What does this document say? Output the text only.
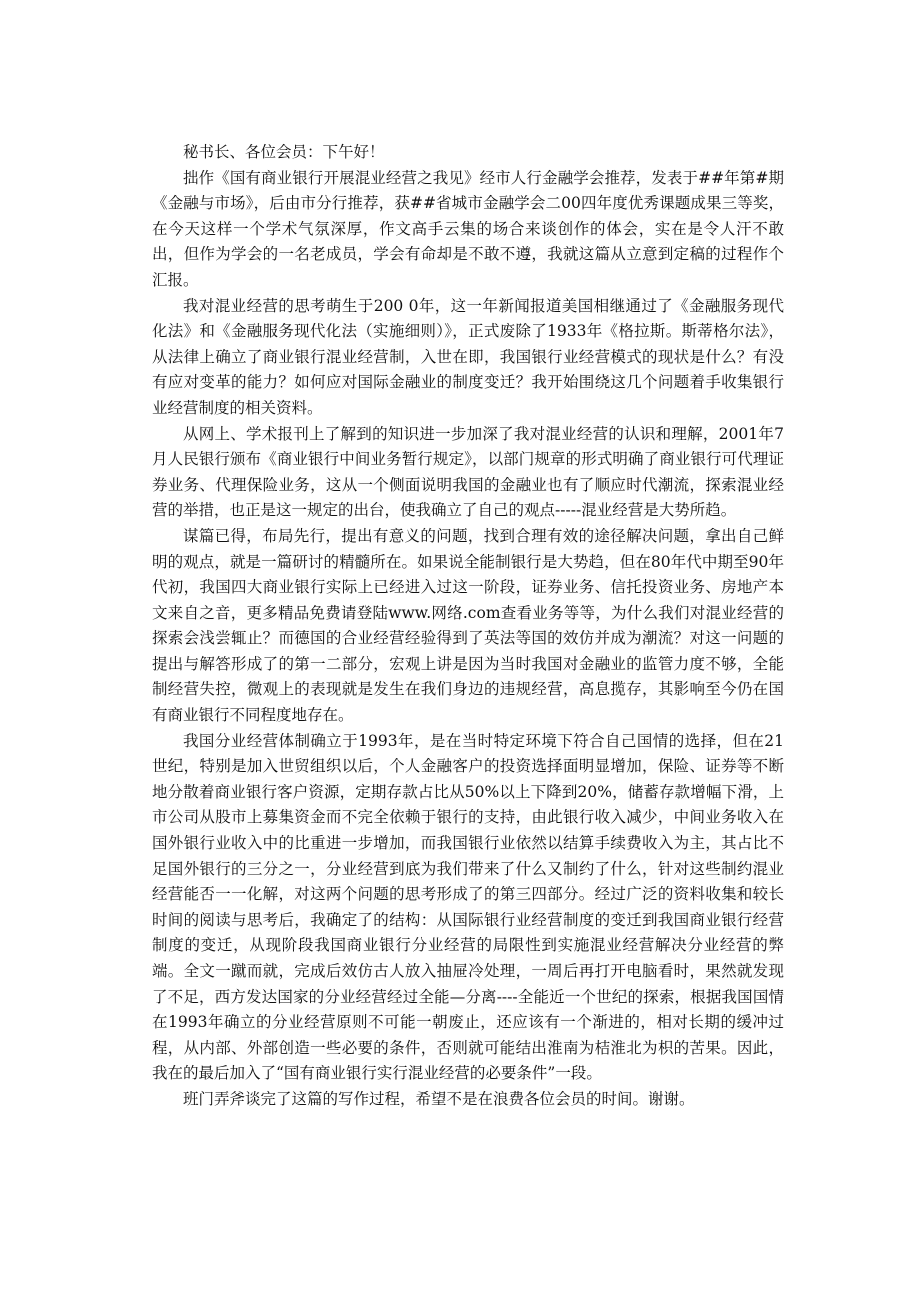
秘书长、各位会员：下午好！

拙作《国有商业银行开展混业经营之我见》经市人行金融学会推荐，发表于##年第#期《金融与市场》，后由市分行推荐，获##省城市金融学会二00四年度优秀课题成果三等奖，在今天这样一个学术气氛深厚，作文高手云集的场合来谈创作的体会，实在是令人汗不敢出，但作为学会的一名老成员，学会有命却是不敢不遵，我就这篇从立意到定稿的过程作个汇报。

我对混业经营的思考萌生于200 0年，这一年新闻报道美国相继通过了《金融服务现代化法》和《金融服务现代化法（实施细则）》，正式废除了1933年《格拉斯。斯蒂格尔法》，从法律上确立了商业银行混业经营制，入世在即，我国银行业经营模式的现状是什么？有没有应对变革的能力？如何应对国际金融业的制度变迁？我开始围绕这几个问题着手收集银行业经营制度的相关资料。

从网上、学术报刊上了解到的知识进一步加深了我对混业经营的认识和理解，2001年7月人民银行颁布《商业银行中间业务暂行规定》，以部门规章的形式明确了商业银行可代理证券业务、代理保险业务，这从一个侧面说明我国的金融业也有了顺应时代潮流，探索混业经营的举措，也正是这一规定的出台，使我确立了自己的观点-----混业经营是大势所趋。

谋篇已得，布局先行，提出有意义的问题，找到合理有效的途径解决问题，拿出自己鲜明的观点，就是一篇研讨的精髓所在。如果说全能制银行是大势趋，但在80年代中期至90年代初，我国四大商业银行实际上已经进入过这一阶段，证券业务、信托投资业务、房地产本文来自之音，更多精品免费请登陆www.网络.com查看业务等等，为什么我们对混业经营的探索会浅尝辄止？而德国的合业经营经验得到了英法等国的效仿并成为潮流？对这一问题的提出与解答形成了的第一二部分，宏观上讲是因为当时我国对金融业的监管力度不够，全能制经营失控，微观上的表现就是发生在我们身边的违规经营，高息揽存，其影响至今仍在国有商业银行不同程度地存在。

我国分业经营体制确立于1993年，是在当时特定环境下符合自己国情的选择，但在21世纪，特别是加入世贸组织以后，个人金融客户的投资选择面明显增加，保险、证券等不断地分散着商业银行客户资源，定期存款占比从50%以上下降到20%，储蓄存款增幅下滑，上市公司从股市上募集资金而不完全依赖于银行的支持，由此银行收入减少，中间业务收入在国外银行业收入中的比重进一步增加，而我国银行业依然以结算手续费收入为主，其占比不足国外银行的三分之一，分业经营到底为我们带来了什么又制约了什么，针对这些制约混业经营能否一一化解，对这两个问题的思考形成了的第三四部分。经过广泛的资料收集和较长时间的阅读与思考后，我确定了的结构：从国际银行业经营制度的变迁到我国商业银行经营制度的变迁，从现阶段我国商业银行分业经营的局限性到实施混业经营解决分业经营的弊端。全文一蹴而就，完成后效仿古人放入抽屉冷处理，一周后再打开电脑看时，果然就发现了不足，西方发达国家的分业经营经过全能—分离----全能近一个世纪的探索，根据我国国情在1993年确立的分业经营原则不可能一朝废止，还应该有一个渐进的，相对长期的缓冲过程，从内部、外部创造一些必要的条件，否则就可能结出淮南为桔淮北为枳的苦果。因此，我在的最后加入了“国有商业银行实行混业经营的必要条件”一段。

班门弄斧谈完了这篇的写作过程，希望不是在浪费各位会员的时间。谢谢。
